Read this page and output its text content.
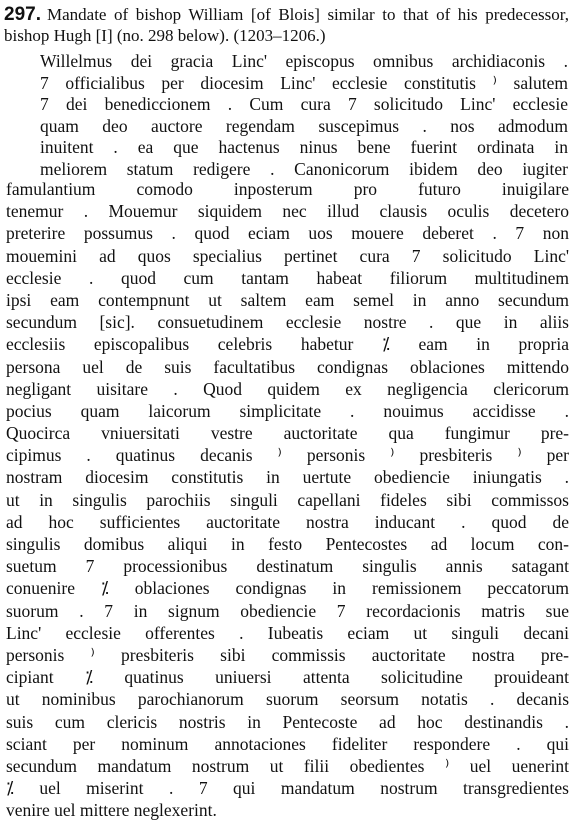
297. Mandate of bishop William [of Blois] similar to that of his predecessor, bishop Hugh [I] (no. 298 below). (1203–1206.)
Willelmus dei gracia Linc' episcopus omnibus archidiaconis .
7 officialibus per diocesim Linc' ecclesie constitutis ⁾ salutem
7 dei benediccionem . Cum cura 7 solicitudo Linc' ecclesie
quam deo auctore regendam suscepimus . nos admodum
inuitent . ea que hactenus ninus bene fuerint ordinata in
meliorem statum redigere . Canonicorum ibidem deo iugiter
famulantium comodo inposterum pro futuro inuigilare
tenemur . Mouemur siquidem nec illud clausis oculis decetero
preterire possumus . quod eciam uos mouere deberet . 7 non
mouemini ad quos specialius pertinet cura 7 solicitudo Linc'
ecclesie . quod cum tantam habeat filiorum multitudinem
ipsi eam contempnunt ut saltem eam semel in anno secundum
secundum [sic]. consuetudinem ecclesie nostre . que in aliis
ecclesiis episcopalibus celebris habetur ⁒ eam in propria
persona uel de suis facultatibus condignas oblaciones mittendo
negligant uisitare . Quod quidem ex negligencia clericorum
pocius quam laicorum simplicitate . nouimus accidisse .
Quocirca vniuersitati vestre auctoritate qua fungimur pre-
cipimus . quatinus decanis ⁾ personis ⁾ presbiteris ⁾ per
nostram diocesim constitutis in uertute obediencie iniungatis .
ut in singulis parochiis singuli capellani fideles sibi commissos
ad hoc sufficientes auctoritate nostra inducant . quod de
singulis domibus aliqui in festo Pentecostes ad locum con-
suetum 7 processionibus destinatum singulis annis satagant
conuenire ⁒ oblaciones condignas in remissionem peccatorum
suorum . 7 in signum obediencie 7 recordacionis matris sue
Linc' ecclesie offerentes . Iubeatis eciam ut singuli decani
personis ⁾ presbiteris sibi commissis auctoritate nostra pre-
cipiant ⁒ quatinus uniuersi attenta solicitudine prouideant
ut nominibus parochianorum suorum seorsum notatis . decanis
suis cum clericis nostris in Pentecoste ad hoc destinandis .
sciant per nominum annotaciones fideliter respondere . qui
secundum mandatum nostrum ut filii obedientes ⁾ uel uenerint
⁒ uel miserint . 7 qui mandatum nostrum transgredientes
venire uel mittere neglexerint.
